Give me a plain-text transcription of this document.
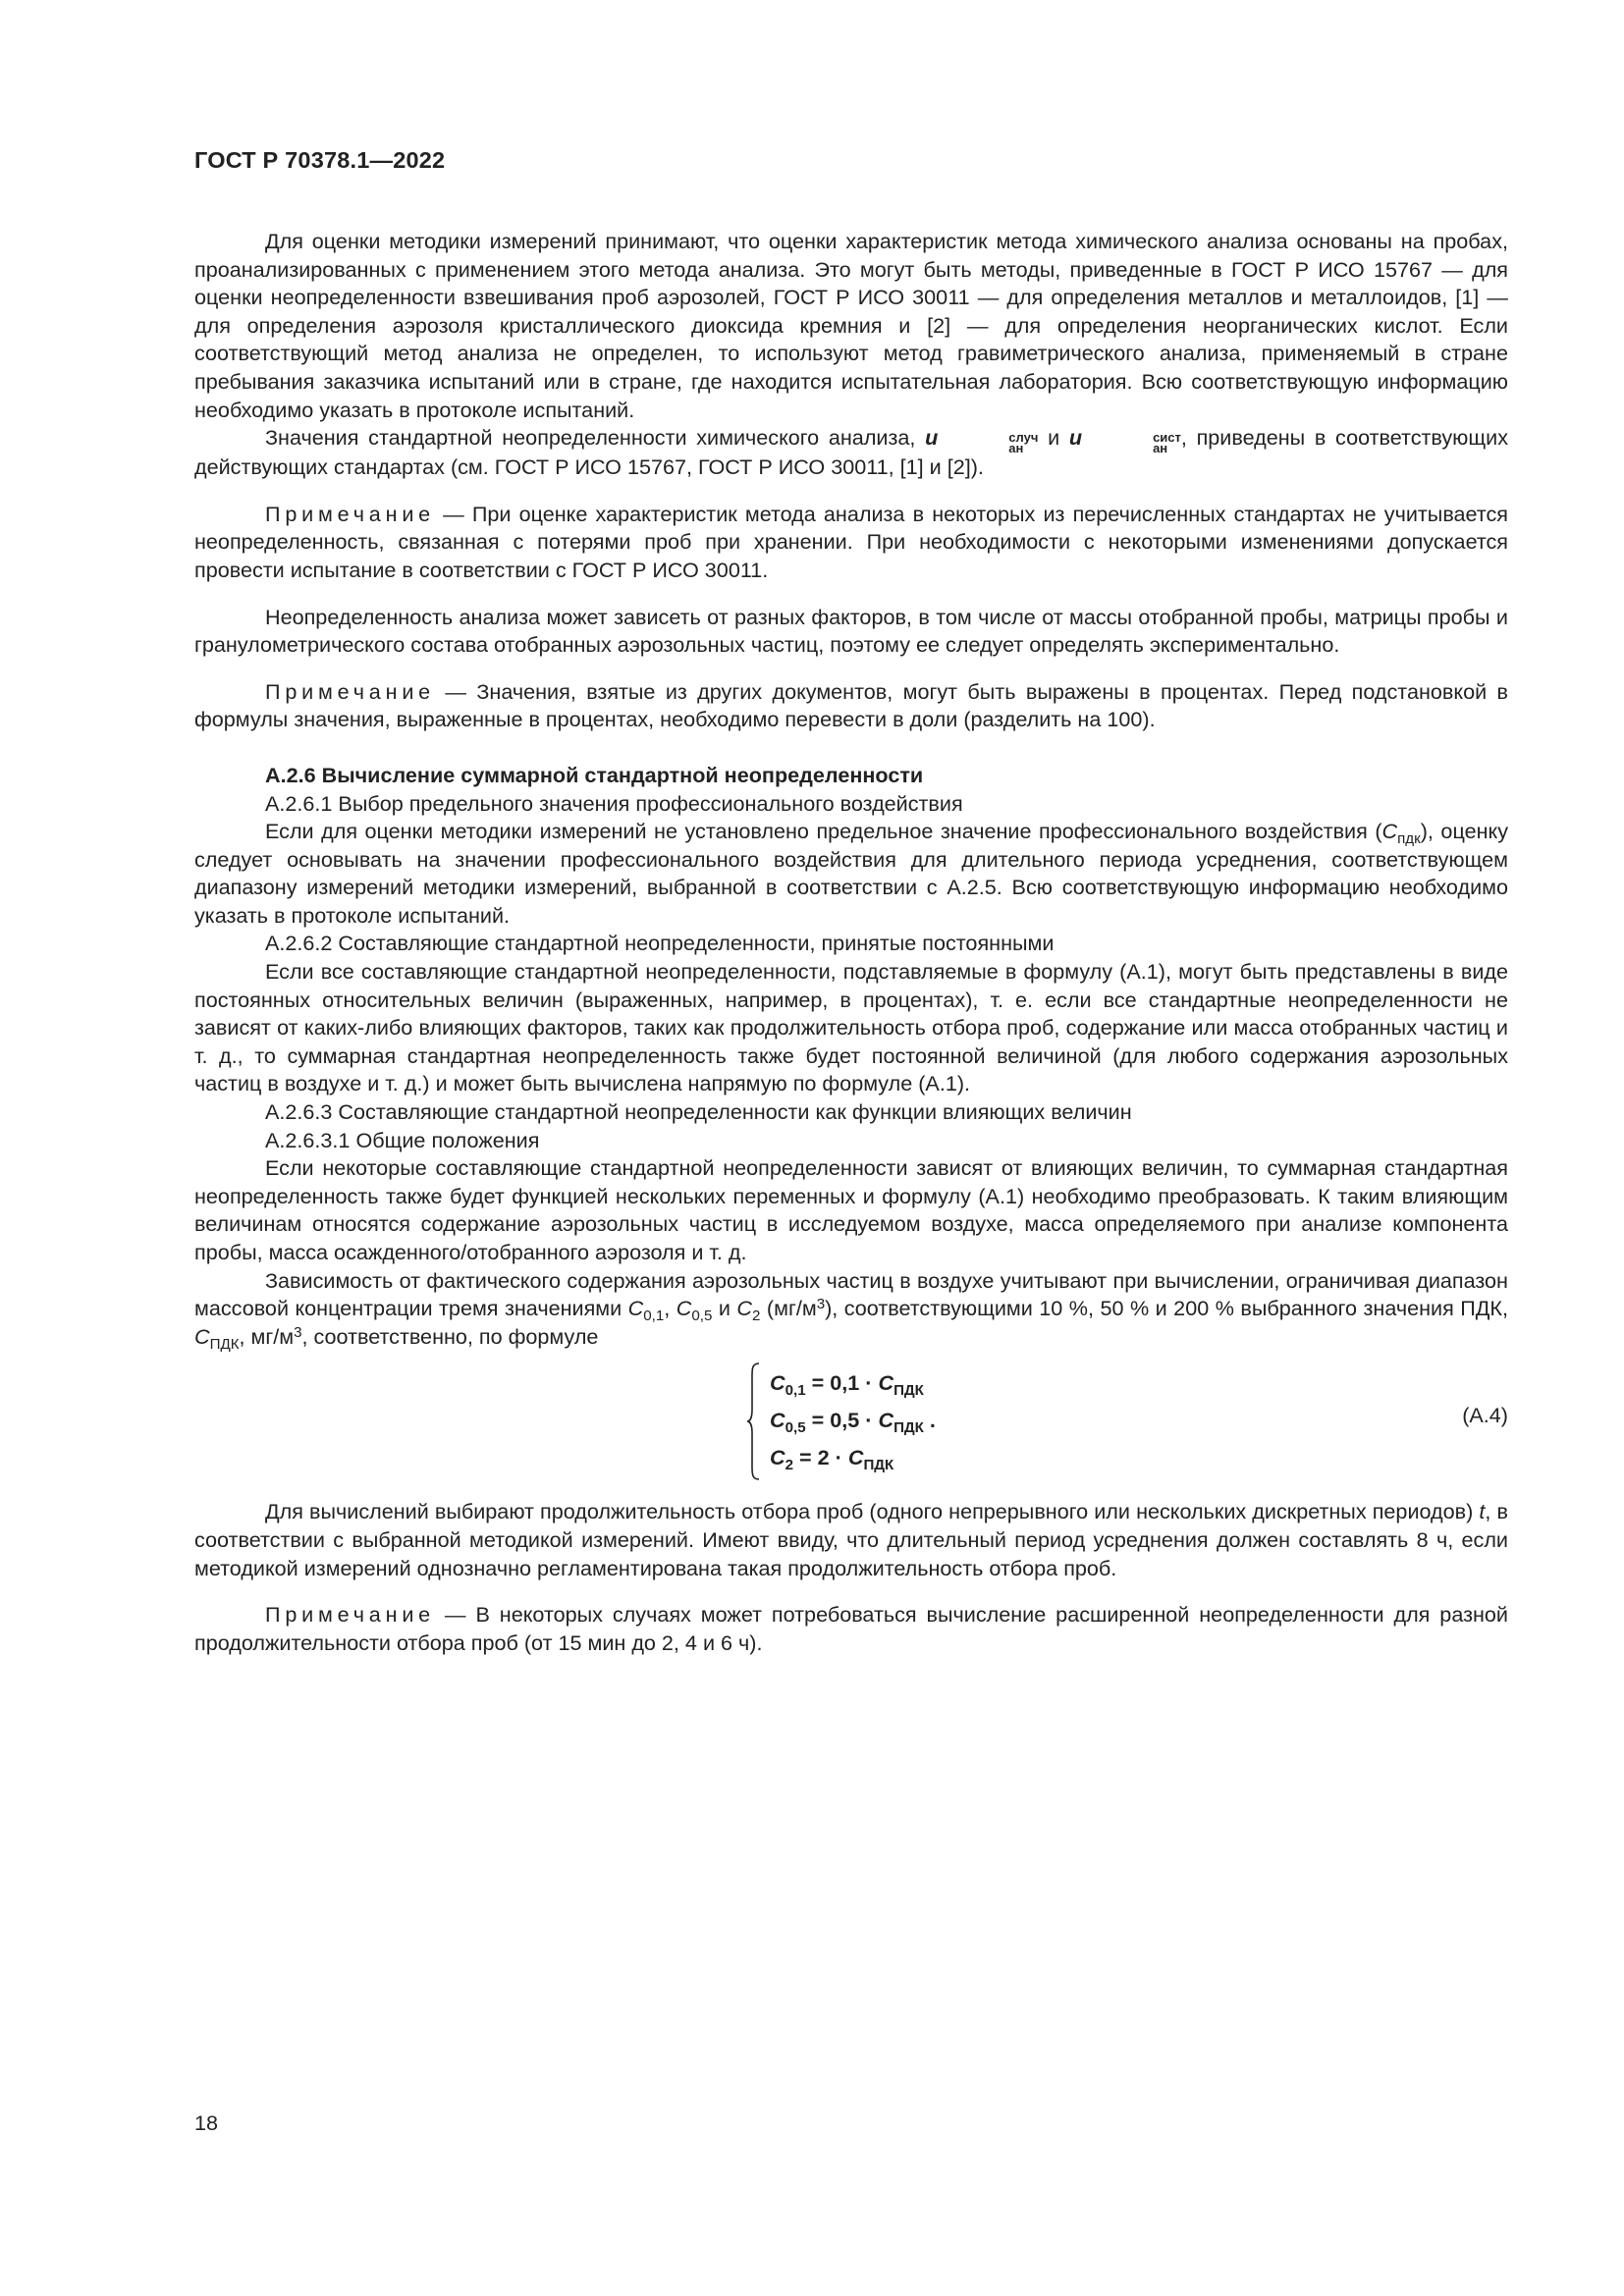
ГОСТ Р 70378.1—2022

Для оценки методики измерений принимают, что оценки характеристик метода химического анализа основаны на пробах, проанализированных с применением этого метода анализа. Это могут быть методы, приведенные в ГОСТ Р ИСО 15767 — для оценки неопределенности взвешивания проб аэрозолей, ГОСТ Р ИСО 30011 — для определения металлов и металлоидов, [1] — для определения аэрозоля кристаллического диоксида кремния и [2] — для определения неорганических кислот. Если соответствующий метод анализа не определен, то используют метод гравиметрического анализа, применяемый в стране пребывания заказчика испытаний или в стране, где находится испытательная лаборатория. Всю соответствующую информацию необходимо указать в протоколе испытаний.

Значения стандартной неопределенности химического анализа, u	случ
ан и u	сист
ан , приведены в соответствующих действующих стандартах (см. ГОСТ Р ИСО 15767, ГОСТ Р ИСО 30011, [1] и [2]).

Примечание — При оценке характеристик метода анализа в некоторых из перечисленных стандартах не учитывается неопределенность, связанная с потерями проб при хранении. При необходимости с некоторыми изменениями допускается провести испытание в соответствии с ГОСТ Р ИСО 30011.

Неопределенность анализа может зависеть от разных факторов, в том числе от массы отобранной пробы, матрицы пробы и гранулометрического состава отобранных аэрозольных частиц, поэтому ее следует определять экспериментально.

Примечание — Значения, взятые из других документов, могут быть выражены в процентах. Перед подстановкой в формулы значения, выраженные в процентах, необходимо перевести в доли (разделить на 100).

А.2.6 Вычисление суммарной стандартной неопределенности

А.2.6.1 Выбор предельного значения профессионального воздействия

Если для оценки методики измерений не установлено предельное значение профессионального воздействия $(C_{пдк})$, оценку следует основывать на значении профессионального воздействия для длительного периода усреднения, соответствующем диапазону измерений методики измерений, выбранной в соответствии с А.2.5. Всю соответствующую информацию необходимо указать в протоколе испытаний.

А.2.6.2 Составляющие стандартной неопределенности, принятые постоянными

Если все составляющие стандартной неопределенности, подставляемые в формулу (А.1), могут быть представлены в виде постоянных относительных величин (выраженных, например, в процентах), т. е. если все стандартные неопределенности не зависят от каких-либо влияющих факторов, таких как продолжительность отбора проб, содержание или масса отобранных частиц и т. д., то суммарная стандартная неопределенность также будет постоянной величиной (для любого содержания аэрозольных частиц в воздухе и т. д.) и может быть вычислена напрямую по формуле (А.1).

А.2.6.3 Составляющие стандартной неопределенности как функции влияющих величин

А.2.6.3.1 Общие положения

Если некоторые составляющие стандартной неопределенности зависят от влияющих величин, то суммарная стандартная неопределенность также будет функцией нескольких переменных и формулу (А.1) необходимо преобразовать. К таким влияющим величинам относятся содержание аэрозольных частиц в исследуемом воздухе, масса определяемого при анализе компонента пробы, масса осажденного/отобранного аэрозоля и т. д.

Зависимость от фактического содержания аэрозольных частиц в воздухе учитывают при вычислении, ограничивая диапазон массовой концентрации тремя значениями $C_{0,1}$, $C_{0,5}$ и $C_2$ $(мг/м^3)$, соответствующими 10 %, 50 % и 200 % выбранного значения ПДК, $C_{ПДК}$, $мг/м^3$, соответственно, по формуле

$C_{0,1} = 0,1 \cdot C_{ПДК}$
$C_{0,5} = 0,5 \cdot C_{ПДК}$ .
$C_2 = 2 \cdot C_{ПДК}$
(А.4)

Для вычислений выбирают продолжительность отбора проб (одного непрерывного или нескольких дискретных периодов) t, в соответствии с выбранной методикой измерений. Имеют ввиду, что длительный период усреднения должен составлять 8 ч, если методикой измерений однозначно регламентирована такая продолжительность отбора проб.

Примечание — В некоторых случаях может потребоваться вычисление расширенной неопределенности для разной продолжительности отбора проб (от 15 мин до 2, 4 и 6 ч).

18
